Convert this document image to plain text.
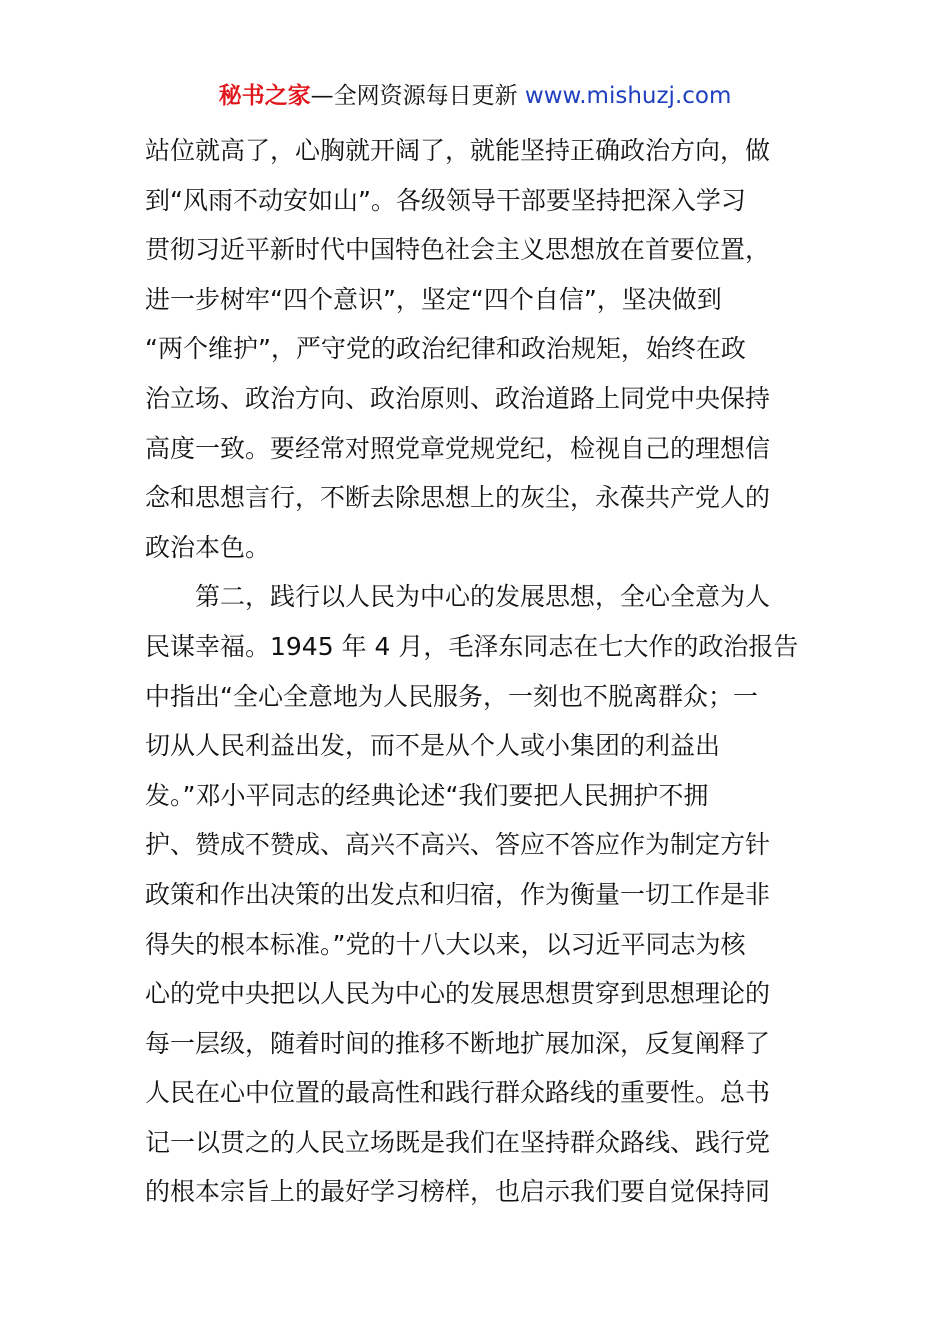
秘书之家—全网资源每日更新 www.mishuzj.com
站位就高了，心胸就开阔了，就能坚持正确政治方向，做
到“风雨不动安如山”。各级领导干部要坚持把深入学习
贯彻习近平新时代中国特色社会主义思想放在首要位置，
进一步树牢“四个意识”，坚定“四个自信”，坚决做到
“两个维护”，严守党的政治纪律和政治规矩，始终在政
治立场、政治方向、政治原则、政治道路上同党中央保持
高度一致。要经常对照党章党规党纪，检视自己的理想信
念和思想言行，不断去除思想上的灰尘，永葆共产党人的
政治本色。
　　第二，践行以人民为中心的发展思想，全心全意为人
民谋幸福。1945 年 4 月，毛泽东同志在七大作的政治报告
中指出“全心全意地为人民服务，一刻也不脱离群众；一
切从人民利益出发，而不是从个人或小集团的利益出
发。”邓小平同志的经典论述“我们要把人民拥护不拥
护、赞成不赞成、高兴不高兴、答应不答应作为制定方针
政策和作出决策的出发点和归宿，作为衡量一切工作是非
得失的根本标准。”党的十八大以来，以习近平同志为核
心的党中央把以人民为中心的发展思想贯穿到思想理论的
每一层级，随着时间的推移不断地扩展加深，反复阐释了
人民在心中位置的最高性和践行群众路线的重要性。总书
记一以贯之的人民立场既是我们在坚持群众路线、践行党
的根本宗旨上的最好学习榜样，也启示我们要自觉保持同
